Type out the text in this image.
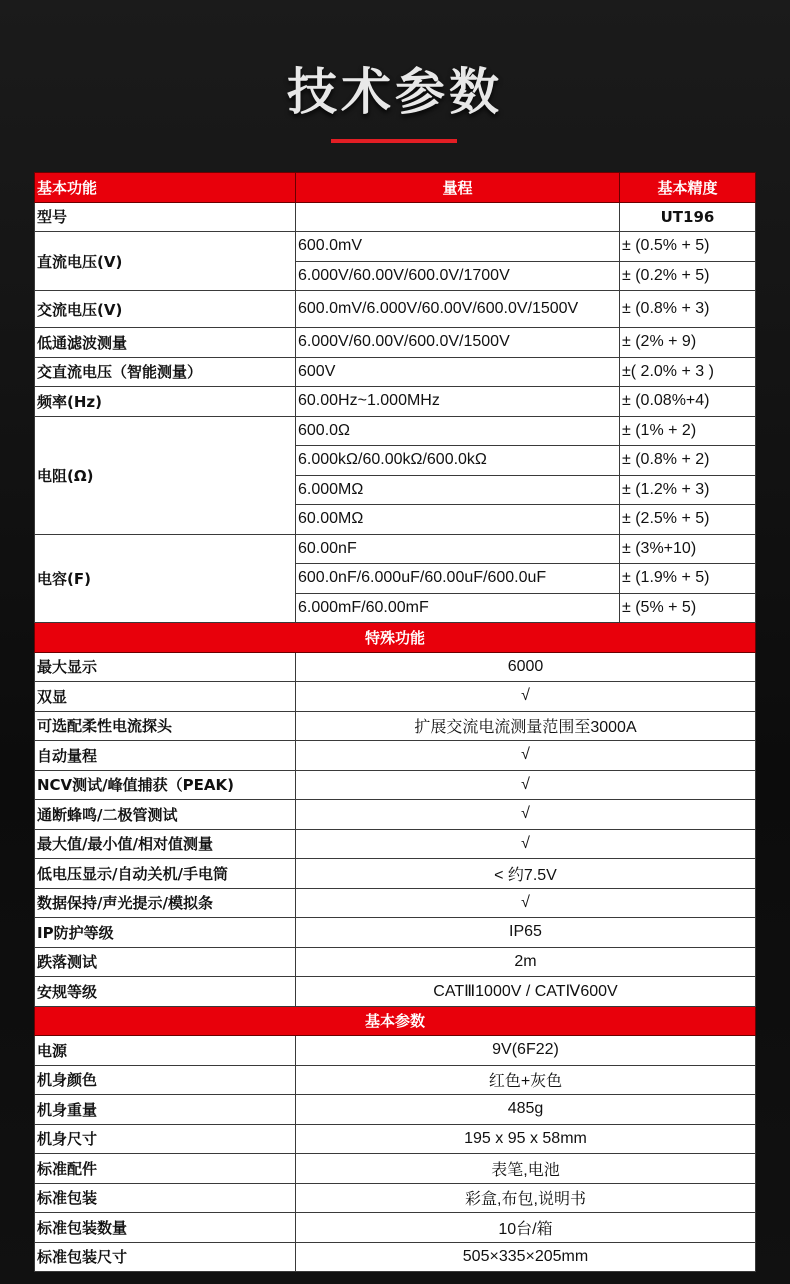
技术参数
基本功能	量程	基本精度
型号		UT196
直流电压(V)	600.0mV	± (0.5% + 5)
	6.000V/60.00V/600.0V/1700V	± (0.2% + 5)
交流电压(V)	600.0mV/6.000V/60.00V/600.0V/1500V	± (0.8% + 3)
低通滤波测量	6.000V/60.00V/600.0V/1500V	± (2% + 9)
交直流电压（智能测量）	600V	±( 2.0% + 3 )
频率(Hz)	60.00Hz~1.000MHz	± (0.08%+4)
电阻(Ω)	600.0Ω	± (1% + 2)
	6.000kΩ/60.00kΩ/600.0kΩ	± (0.8% + 2)
	6.000MΩ	± (1.2% + 3)
	60.00MΩ	± (2.5% + 5)
电容(F)	60.00nF	± (3%+10)
	600.0nF/6.000uF/60.00uF/600.0uF	± (1.9% + 5)
	6.000mF/60.00mF	± (5% + 5)
特殊功能		
最大显示	6000	
双显	√	
可选配柔性电流探头	扩展交流电流测量范围至3000A	
自动量程	√	
NCV测试/峰值捕获（PEAK)	√	
通断蜂鸣/二极管测试	√	
最大值/最小值/相对值测量	√	
低电压显示/自动关机/手电筒	< 约7.5V	
数据保持/声光提示/模拟条	√	
IP防护等级	IP65	
跌落测试	2m	
安规等级	CATⅢ1000V / CATⅣ600V	
基本参数		
电源	9V(6F22)	
机身颜色	红色+灰色	
机身重量	485g	
机身尺寸	195 x 95 x 58mm	
标准配件	表笔,电池	
标准包装	彩盒,布包,说明书	
标准包装数量	10台/箱	
标准包装尺寸	505×335×205mm	
